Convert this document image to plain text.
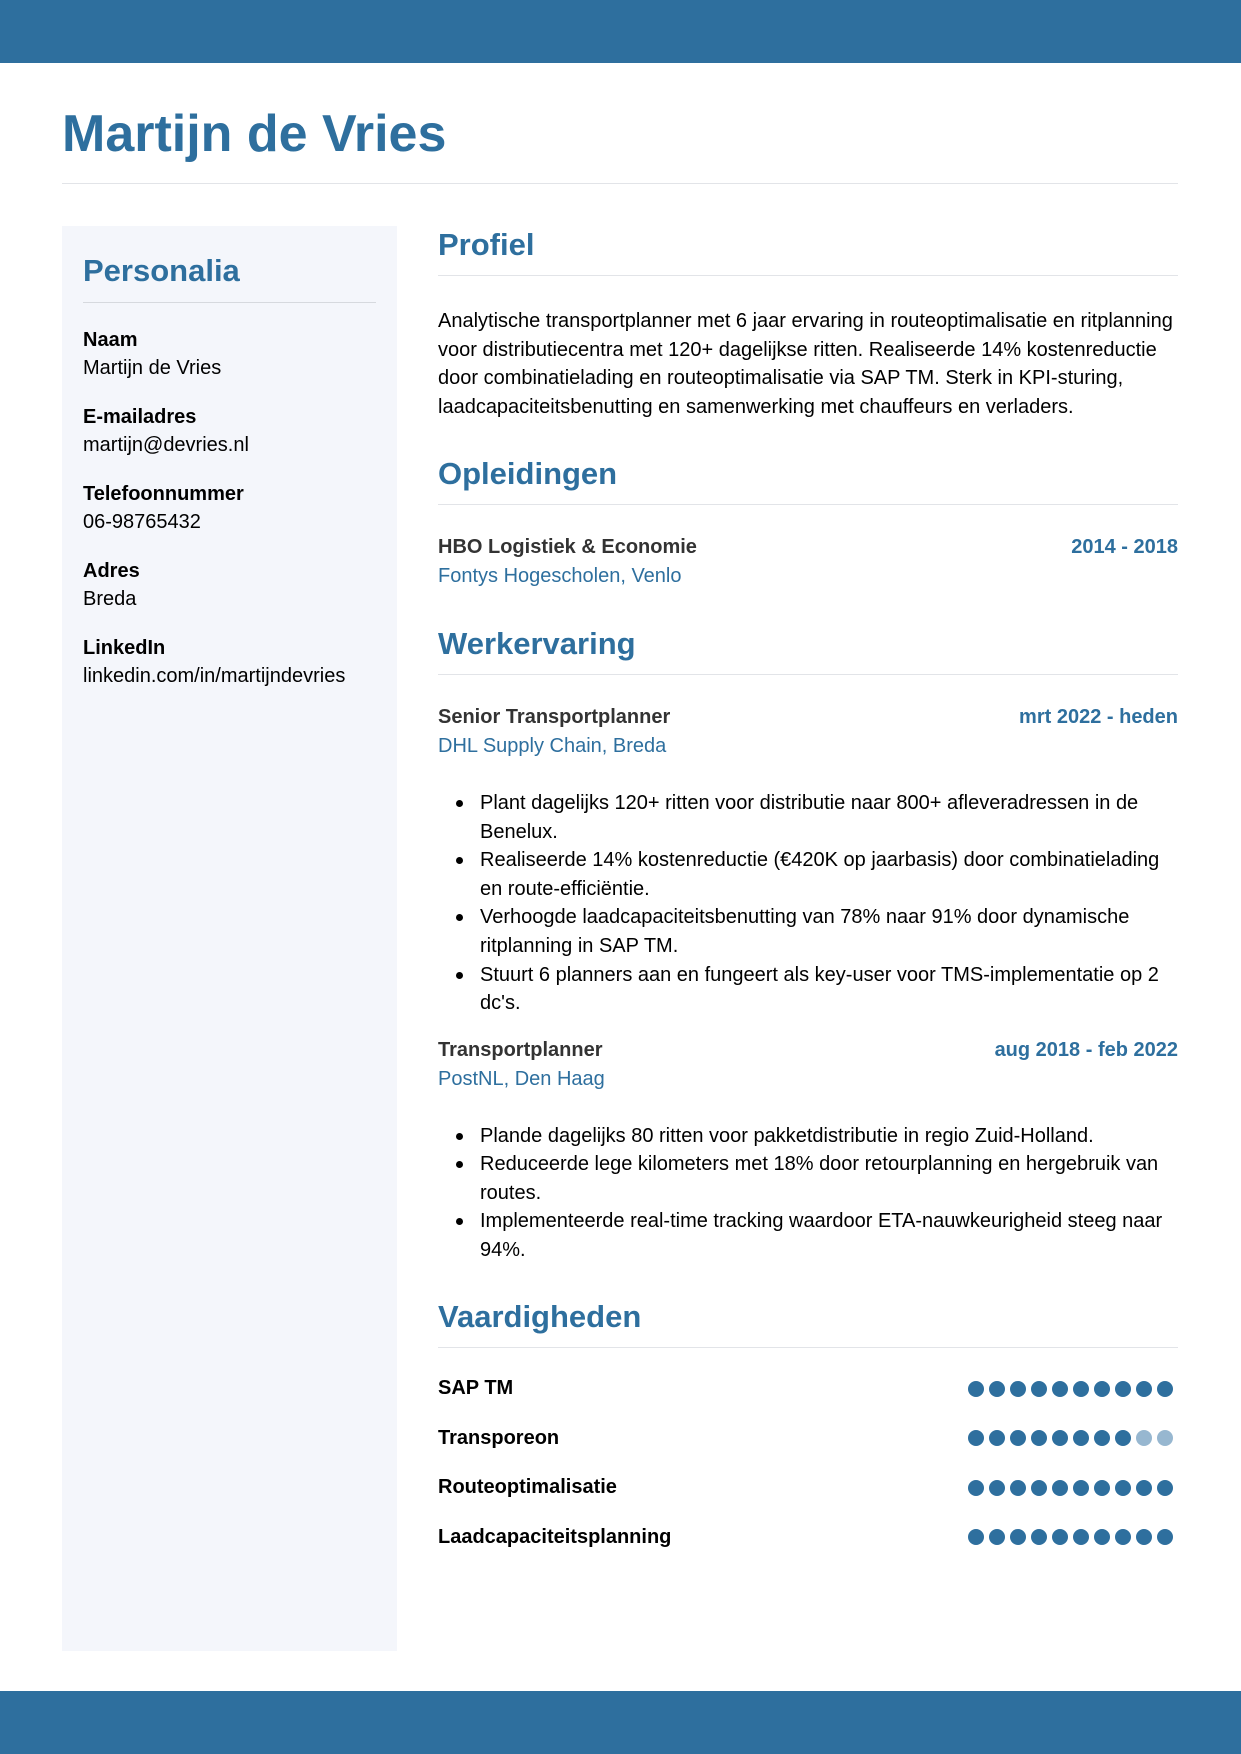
Martijn de Vries
Personalia
Naam
Martijn de Vries
E-mailadres
martijn@devries.nl
Telefoonnummer
06-98765432
Adres
Breda
LinkedIn
linkedin.com/in/martijndevries
Profiel

Analytische transportplanner met 6 jaar ervaring in routeoptimalisatie en ritplanning voor distributiecentra met 120+ dagelijkse ritten. Realiseerde 14% kostenreductie door combinatielading en routeoptimalisatie via SAP TM. Sterk in KPI-sturing, laadcapaciteitsbenutting en samenwerking met chauffeurs en verladers.

Opleidingen
HBO Logistiek & Economie	2014 - 2018
Fontys Hogescholen, Venlo
Werkervaring
Senior Transportplanner	mrt 2022 - heden
DHL Supply Chain, Breda
Plant dagelijks 120+ ritten voor distributie naar 800+ afleveradressen in de Benelux.
Realiseerde 14% kostenreductie (€420K op jaarbasis) door combinatielading en route-efficiëntie.
Verhoogde laadcapaciteitsbenutting van 78% naar 91% door dynamische ritplanning in SAP TM.
Stuurt 6 planners aan en fungeert als key-user voor TMS-implementatie op 2 dc's.
Transportplanner	aug 2018 - feb 2022
PostNL, Den Haag
Plande dagelijks 80 ritten voor pakketdistributie in regio Zuid-Holland.
Reduceerde lege kilometers met 18% door retourplanning en hergebruik van routes.
Implementeerde real-time tracking waardoor ETA-nauwkeurigheid steeg naar 94%.
Vaardigheden
SAP TM
Transporeon
Routeoptimalisatie
Laadcapaciteitsplanning
